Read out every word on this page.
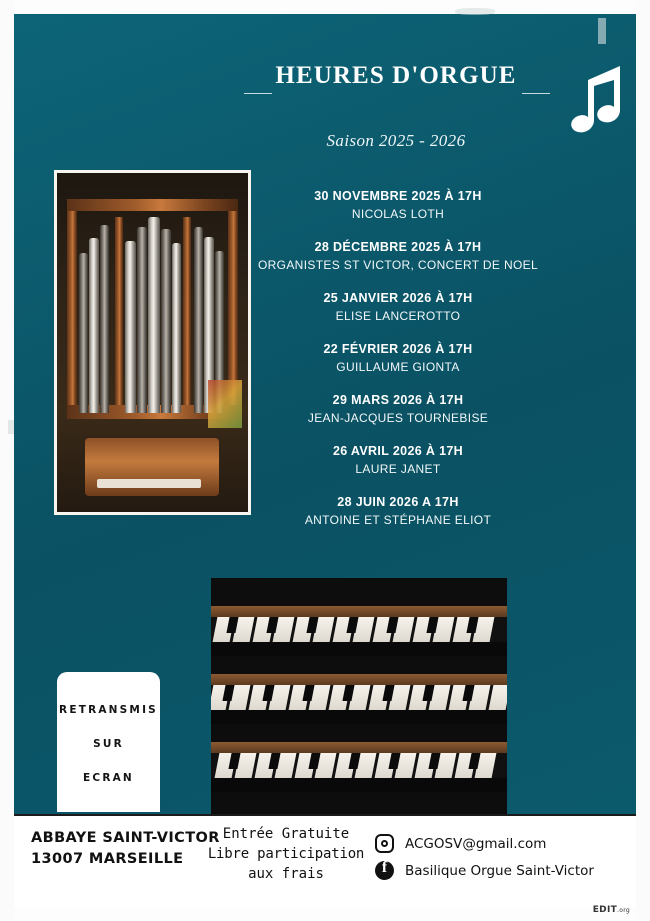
HEURES D'ORGUE
Saison 2025 - 2026
30 NOVEMBRE 2025 À 17H
NICOLAS LOTH
28 DÉCEMBRE 2025 À 17H
ORGANISTES ST VICTOR, CONCERT DE NOEL
25 JANVIER 2026 À 17H
ELISE LANCEROTTO
22 FÉVRIER 2026 À 17H
GUILLAUME GIONTA
29 MARS 2026 À 17H
JEAN-JACQUES TOURNEBISE
26 AVRIL 2026 À 17H
LAURE JANET
28 JUIN 2026 A 17H
ANTOINE ET STÉPHANE ELIOT
RETRANSMIS
SUR
ECRAN
ABBAYE SAINT-VICTOR
13007 MARSEILLE
Entrée Gratuite
Libre participation
aux frais
ACGOSV@gmail.com
f
Basilique Orgue Saint-Victor
EDIT.org
